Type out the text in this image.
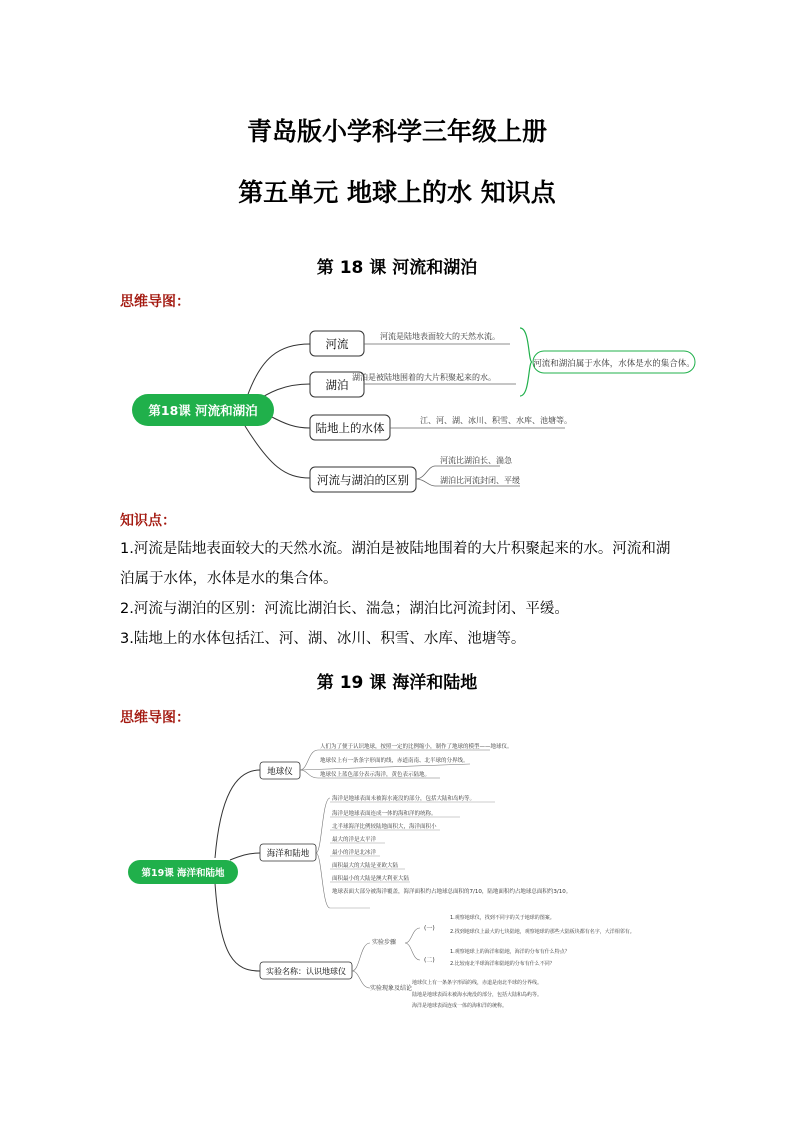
青岛版小学科学三年级上册
第五单元 地球上的水 知识点
第 18 课 河流和湖泊
思维导图：
第18课 河流和湖泊
河流
河流是陆地表面较大的天然水流。
湖泊
湖泊是被陆地围着的大片积聚起来的水。
陆地上的水体
江、河、湖、冰川、积雪、水库、池塘等。
河流与湖泊的区别
河流比湖泊长、湍急
湖泊比河流封闭、平缓
河流和湖泊属于水体，水体是水的集合体。
知识点：
1.河流是陆地表面较大的天然水流。湖泊是被陆地围着的大片积聚起来的水。河流和湖泊属于水体，水体是水的集合体。
2.河流与湖泊的区别：河流比湖泊长、湍急；湖泊比河流封闭、平缓。
3.陆地上的水体包括江、河、湖、冰川、积雪、水库、池塘等。
第 19 课 海洋和陆地
思维导图：
第19课 海洋和陆地
地球仪
人们为了便于认识地球，按照一定的比例缩小，制作了地球的模型——地球仪。
地球仪上有一条条字形面的线，赤道南南、北半球的分界线。
地球仪上蓝色部分表示海洋，黄色表示陆地。
海洋和陆地
海洋是地球表面未被海水淹没的部分，包括大陆和岛屿等。
海洋是地球表面连成一体的海和洋的统称。
北半球海洋比例较陆地面积大，海洋面积小
最大的洋是太平洋
最小的洋是北冰洋
面积最大的大陆是亚欧大陆
面积最小的大陆是澳大利亚大陆
地球表面大部分被海洋覆盖，海洋面积约占地球总面积的7/10，陆地面积约占地球总面积约3/10。
实验名称：认识地球仪
实验步骤
实验现象及结论
(一)
(二)
1.观察地球仪，找到不同字的关于地球的图案。
2.找到地球仪上最大的七块陆地，观察地球的那些大陆板块都有名字，大洋相邻有。
1.观察地球上的海洋和陆地，海洋的分布有什么特点？
2.比较南北半球海洋和陆地的分布有什么不同？
地球仪上有一条条字形面的线，赤道是南北半球的分界线。
陆地是地球表面未被海水淹没的部分，包括大陆和岛屿等。
海洋是地球表面连成一体的海和洋的统称。
